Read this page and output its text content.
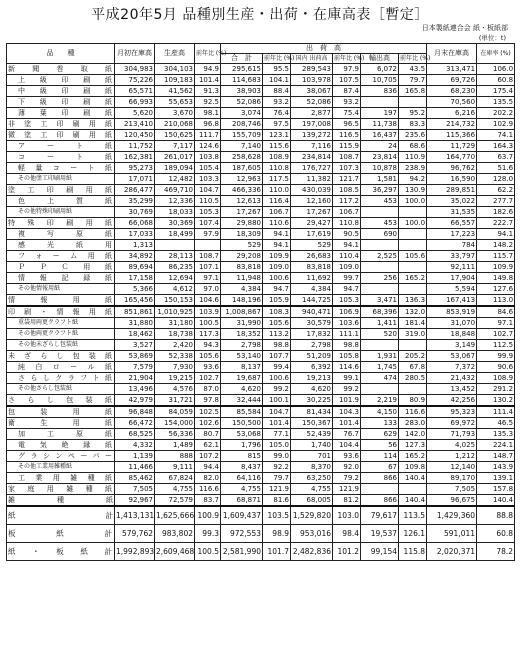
平成20年5月 品種別生産・出荷・在庫高表［暫定］
日本製紙連合会 紙・板紙部
(単位：t)
品　　種	月初在庫高	生産高	前年比 (%)	出　荷　高						月末在庫高	在庫率 (%)
				合　計	前年比 (%)	国内 出荷高	前年比 (%)	輸出高	前年比 (%)		
新　聞　巻　取　紙	304,983	304,103	94.9	295,615	95.5	289,543	97.9	6,072	43.5	313,471	106.0
上　級　印　刷　紙	75,226	109,183	101.4	114,683	104.1	103,978	107.5	10,705	79.7	69,726	60.8
中　級　印　刷　紙	65,571	41,562	91.3	38,903	88.4	38,067	87.4	836	165.8	68,230	175.4
下　級　印　刷　紙	66,993	55,653	92.5	52,086	93.2	52,086	93.2			70,560	135.5
薄　葉　印　刷　紙	5,620	3,670	98.1	3,074	76.4	2,877	75.4	197	95.2	6,216	202.2
非塗工印刷用紙	213,410	210,068	96.8	208,746	97.5	197,008	96.5	11,738	83.3	214,732	102.9
微塗工印刷用紙	120,450	150,625	111.7	155,709	123.1	139,272	116.5	16,437	235.6	115,366	74.1
ア　　ー　　ト　　紙	11,752	7,117	124.6	7,140	115.6	7,116	115.9	24	68.6	11,729	164.3
コ　　ー　　ト　　紙	162,381	261,017	103.8	258,628	108.9	234,814	108.7	23,814	110.9	164,770	63.7
軽　量　コ　ー　ト　紙	95,273	189,094	105.4	187,605	110.8	176,727	107.3	10,878	238.9	96,762	51.6
その他塗工印刷用紙	17,071	12,482	103.3	12,963	117.5	11,382	121.7	1,581	94.2	16,590	128.0
塗　工　印　刷　用　紙	286,477	469,710	104.7	466,336	110.0	430,039	108.5	36,297	130.9	289,851	62.2
色　　上　　質　　紙	35,299	12,336	110.5	12,613	116.4	12,160	117.2	453	100.0	35,022	277.7
その他特殊印刷用紙	30,769	18,033	105.3	17,267	106.7	17,267	106.7			31,535	182.6
特　殊　印　刷　用　紙	66,068	30,369	107.4	29,880	110.6	29,427	110.8	453	100.0	66,557	222.7
複　　写　　原　　紙	17,033	18,499	97.9	18,309	94.1	17,619	90.5	690		17,223	94.1
感　　光　　紙　　用	1,313			529	94.1	529	94.1			784	148.2
フ　ォ　ー　ム　用　紙	34,892	28,113	108.7	29,208	109.9	26,683	110.4	2,525	105.6	33,797	115.7
Ｐ　Ｐ　Ｃ　用　紙	89,694	86,235	107.1	83,818	109.0	83,818	109.0			92,111	109.9
情　報　記　録　紙	17,158	12,694	97.1	11,948	100.6	11,692	99.7	256	165.2	17,904	149.8
その他情報用紙	5,366	4,612	97.0	4,384	94.7	4,384	94.7			5,594	127.6
情　　報　　用　　紙	165,456	150,153	104.6	148,196	105.9	144,725	105.3	3,471	136.3	167,413	113.0
印　刷　・　情　報　用　紙	851,861	1,010,925	103.9	1,008,867	108.3	940,471	106.9	68,396	132.0	853,919	84.6
重袋用両更クラフト紙	31,880	31,180	100.5	31,990	105.6	30,579	103.6	1,411	181.4	31,070	97.1
その他両更クラフト紙	18,462	18,738	117.3	18,352	113.2	17,832	111.1	520	319.0	18,848	102.7
その他未ざらし包装紙	3,527	2,420	94.3	2,798	98.8	2,798	98.8			3,149	112.5
未　ざ　ら　し　包　装　紙	53,869	52,338	105.6	53,140	107.7	51,209	105.8	1,931	205.2	53,067	99.9
純　白　ロ　ー　ル　紙	7,579	7,930	93.6	8,137	99.4	6,392	114.6	1,745	67.8	7,372	90.6
さらしクラフト紙	21,904	19,215	102.7	19,687	100.6	19,213	99.1	474	280.5	21,432	108.9
その他さらし包装紙	13,496	4,576	87.0	4,620	99.2	4,620	99.2			13,452	291.2
さ　ら　し　包　装　紙	42,979	31,721	97.8	32,444	100.1	30,225	101.9	2,219	80.9	42,256	130.2
包　　　装　　　用　　　紙	96,848	84,059	102.5	85,584	104.7	81,434	104.3	4,150	116.6	95,323	111.4
衛　　　生　　　用　　　紙	66,472	154,000	102.6	150,500	101.4	150,367	101.4	133	283.0	69,972	46.5
加　　工　　原　　紙	68,525	56,336	80.7	53,068	77.1	52,439	76.7	629	142.0	71,793	135.3
電　　気　　絶　　縁　　紙	4,332	1,489	62.1	1,796	105.0	1,740	104.4	56	127.3	4,025	224.1
グラシンペーパー	1,139	888	107.2	815	99.0	701	93.6	114	165.2	1,212	148.7
その他工業用雑種紙	11,466	9,111	94.4	8,437	92.2	8,370	92.0	67	109.8	12,140	143.9
工　業　用　雑　種　紙	85,462	67,824	82.0	64,116	79.7	63,250	79.2	866	140.4	89,170	139.1
家　庭　用　雑　種　紙	7,505	4,755	116.6	4,755	121.9	4,755	121.9			7,505	157.8
雑　　　　　　種　　　　　　紙	92,967	72,579	83.7	68,871	81.6	68,005	81.2	866	140.4	96,675	140.4
紙　　　　　　　　　　　　計	1,413,131	1,625,666	100.9	1,609,437	103.5	1,529,820	103.0	79,617	113.5	1,429,360	88.8
板　　　紙　　　計	579,762	983,802	99.3	972,553	98.9	953,016	98.4	19,537	126.1	591,011	60.8
紙　・　板　紙　計	1,992,893	2,609,468	100.5	2,581,990	101.7	2,482,836	101.2	99,154	115.8	2,020,371	78.2
